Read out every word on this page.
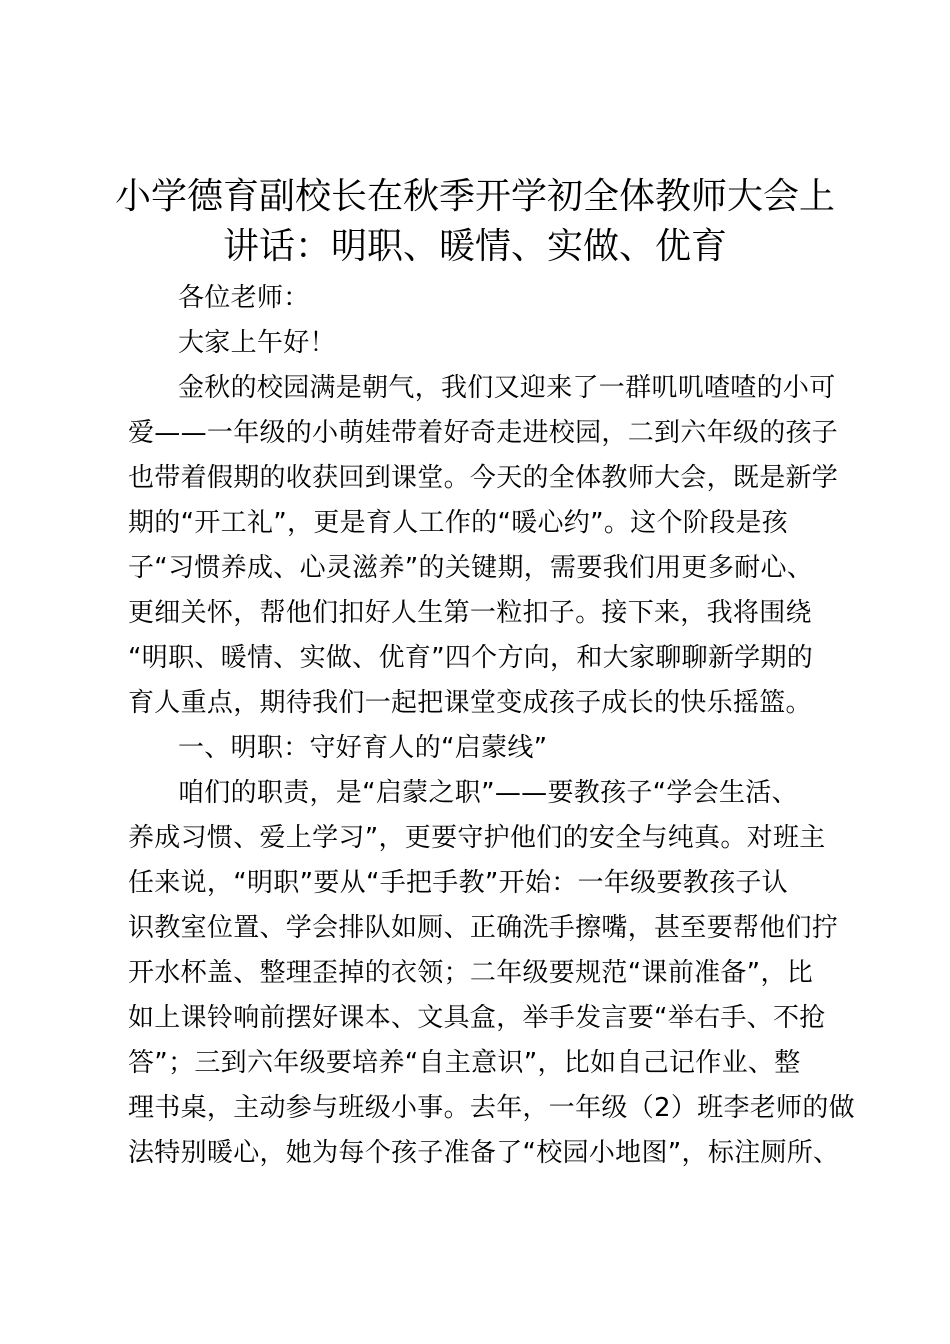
小学德育副校长在秋季开学初全体教师大会上
讲话：明职、暖情、实做、优育
各位老师：
大家上午好！
金秋的校园满是朝气，我们又迎来了一群叽叽喳喳的小可
爱——一年级的小萌娃带着好奇走进校园，二到六年级的孩子
也带着假期的收获回到课堂。今天的全体教师大会，既是新学
期的“开工礼”，更是育人工作的“暖心约”。这个阶段是孩
子“习惯养成、心灵滋养”的关键期，需要我们用更多耐心、
更细关怀，帮他们扣好人生第一粒扣子。接下来，我将围绕
“明职、暖情、实做、优育”四个方向，和大家聊聊新学期的
育人重点，期待我们一起把课堂变成孩子成长的快乐摇篮。
一、明职：守好育人的“启蒙线”
咱们的职责，是“启蒙之职”——要教孩子“学会生活、
养成习惯、爱上学习”，更要守护他们的安全与纯真。对班主
任来说，“明职”要从“手把手教”开始：一年级要教孩子认
识教室位置、学会排队如厕、正确洗手擦嘴，甚至要帮他们拧
开水杯盖、整理歪掉的衣领；二年级要规范“课前准备”，比
如上课铃响前摆好课本、文具盒，举手发言要“举右手、不抢
答”；三到六年级要培养“自主意识”，比如自己记作业、整
理书桌，主动参与班级小事。去年，一年级（2）班李老师的做
法特别暖心，她为每个孩子准备了“校园小地图”，标注厕所、
